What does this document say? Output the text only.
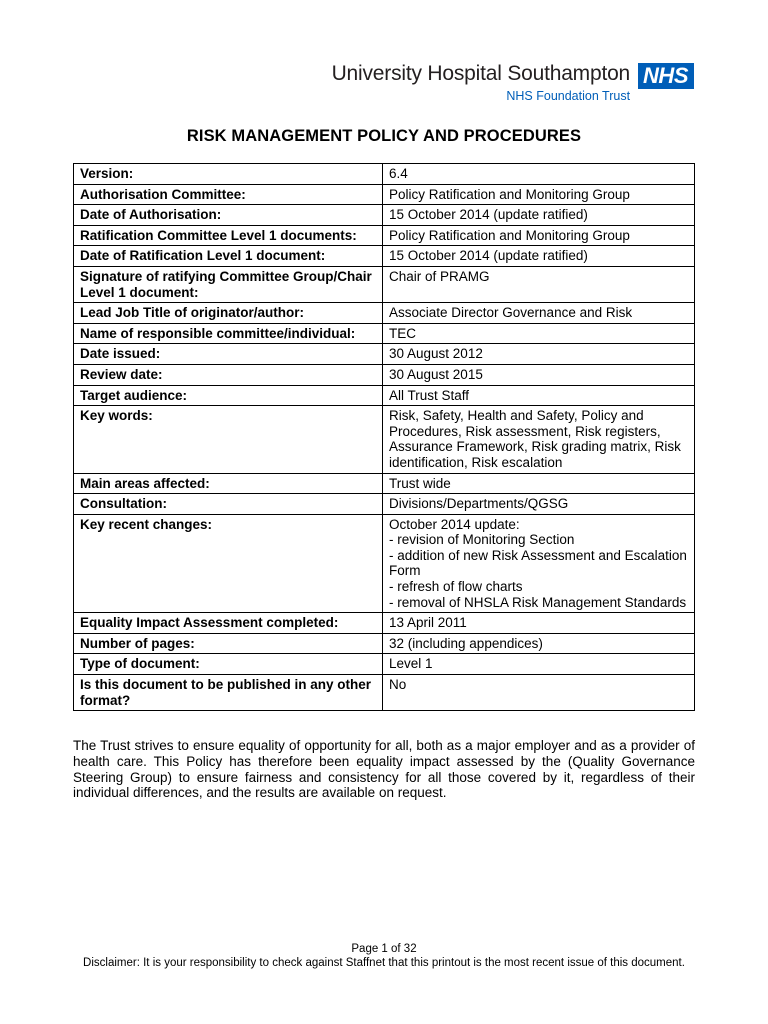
University Hospital Southampton
NHS Foundation Trust
NHS
RISK MANAGEMENT POLICY AND PROCEDURES
Version:	6.4

Authorisation Committee:	Policy Ratification and Monitoring Group

Date of Authorisation:	15 October 2014 (update ratified)

Ratification Committee Level 1 documents:	Policy Ratification and Monitoring Group

Date of Ratification Level 1 document:	15 October 2014 (update ratified)

Signature of ratifying Committee Group/Chair Level 1 document:	Chair of PRAMG

Lead Job Title of originator/author:	Associate Director Governance and Risk

Name of responsible committee/individual:	TEC

Date issued:	30 August 2012

Review date:	30 August 2015

Target audience:	All Trust Staff

Key words:	Risk, Safety, Health and Safety, Policy and Procedures, Risk assessment, Risk registers, Assurance Framework, Risk grading matrix, Risk identification, Risk escalation

Main areas affected:	Trust wide

Consultation:	Divisions/Departments/QGSG

Key recent changes:	October 2014 update:
- revision of Monitoring Section
- addition of new Risk Assessment and Escalation Form
- refresh of flow charts
- removal of NHSLA Risk Management Standards

Equality Impact Assessment completed:	13 April 2011

Number of pages:	32 (including appendices)

Type of document:	Level 1

Is this document to be published in any other format?	No
The Trust strives to ensure equality of opportunity for all, both as a major employer and as a provider of health care. This Policy has therefore been equality impact assessed by the (Quality Governance Steering Group) to ensure fairness and consistency for all those covered by it, regardless of their individual differences, and the results are available on request.
Page 1 of 32
Disclaimer: It is your responsibility to check against Staffnet that this printout is the most recent issue of this document.
